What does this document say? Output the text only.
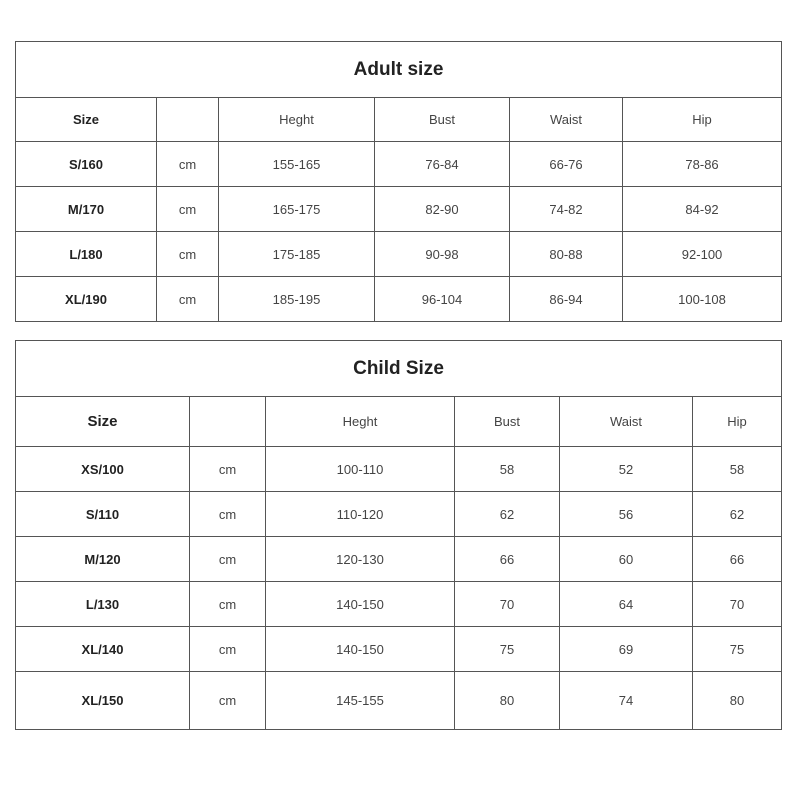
Adult size					
Size		Heght	Bust	Waist	Hip
S/160	cm	155-165	76-84	66-76	78-86
M/170	cm	165-175	82-90	74-82	84-92
L/180	cm	175-185	90-98	80-88	92-100
XL/190	cm	185-195	96-104	86-94	100-108
Child Size					
Size		Heght	Bust	Waist	Hip
XS/100	cm	100-110	58	52	58
S/110	cm	110-120	62	56	62
M/120	cm	120-130	66	60	66
L/130	cm	140-150	70	64	70
XL/140	cm	140-150	75	69	75
XL/150	cm	145-155	80	74	80
